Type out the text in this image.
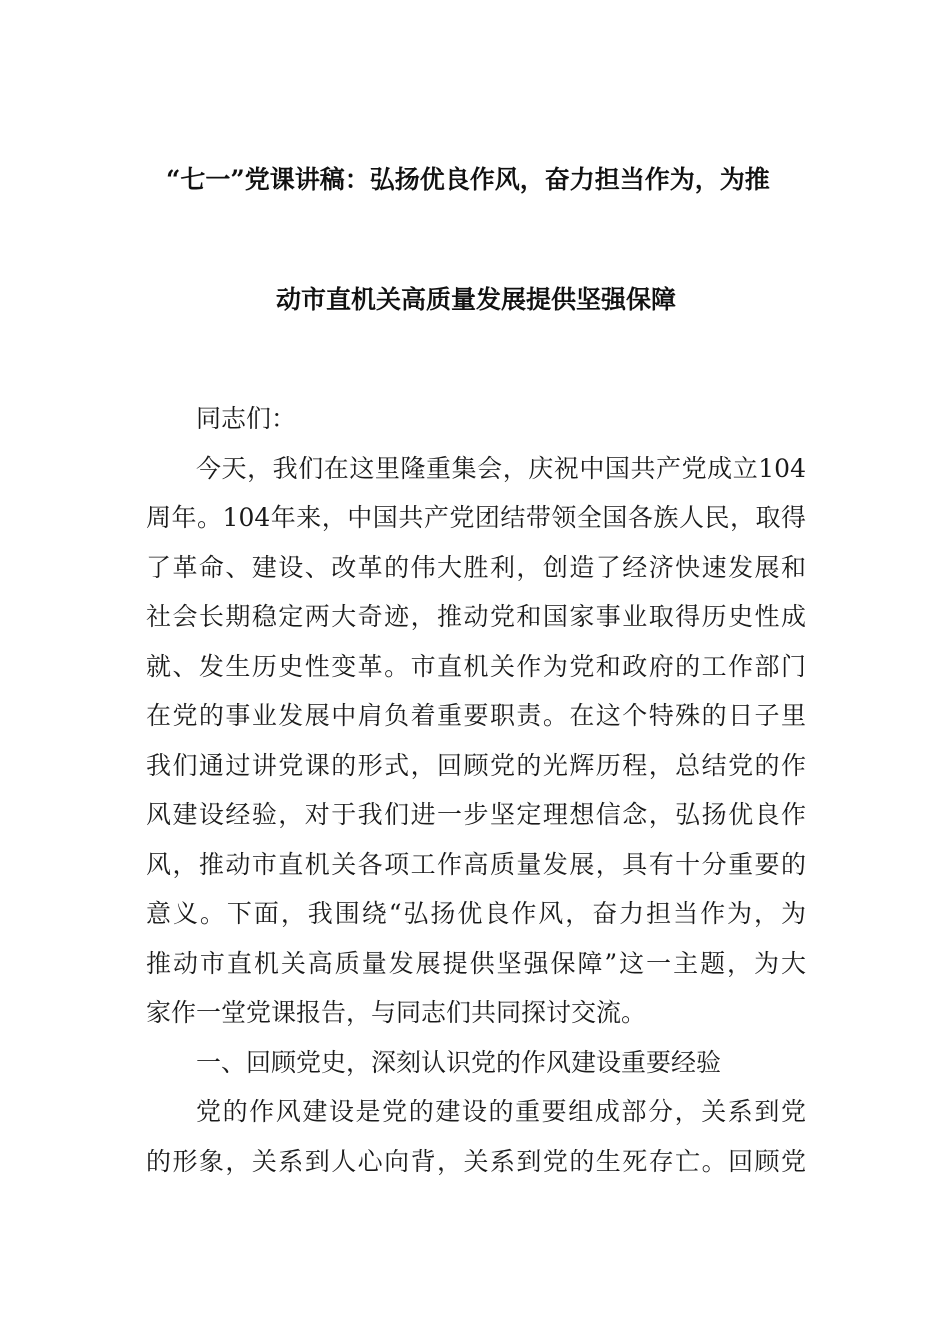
“七一”党课讲稿：弘扬优良作风，奋力担当作为，为推
动市直机关高质量发展提供坚强保障
同志们：
今天，我们在这里隆重集会，庆祝中国共产党成立104
周年。104年来，中国共产党团结带领全国各族人民，取得
了革命、建设、改革的伟大胜利，创造了经济快速发展和
社会长期稳定两大奇迹，推动党和国家事业取得历史性成
就、发生历史性变革。市直机关作为党和政府的工作部门
在党的事业发展中肩负着重要职责。在这个特殊的日子里
我们通过讲党课的形式，回顾党的光辉历程，总结党的作
风建设经验，对于我们进一步坚定理想信念，弘扬优良作
风，推动市直机关各项工作高质量发展，具有十分重要的
意义。下面，我围绕“弘扬优良作风，奋力担当作为，为
推动市直机关高质量发展提供坚强保障”这一主题，为大
家作一堂党课报告，与同志们共同探讨交流。
一、回顾党史，深刻认识党的作风建设重要经验
党的作风建设是党的建设的重要组成部分，关系到党
的形象，关系到人心向背，关系到党的生死存亡。回顾党
